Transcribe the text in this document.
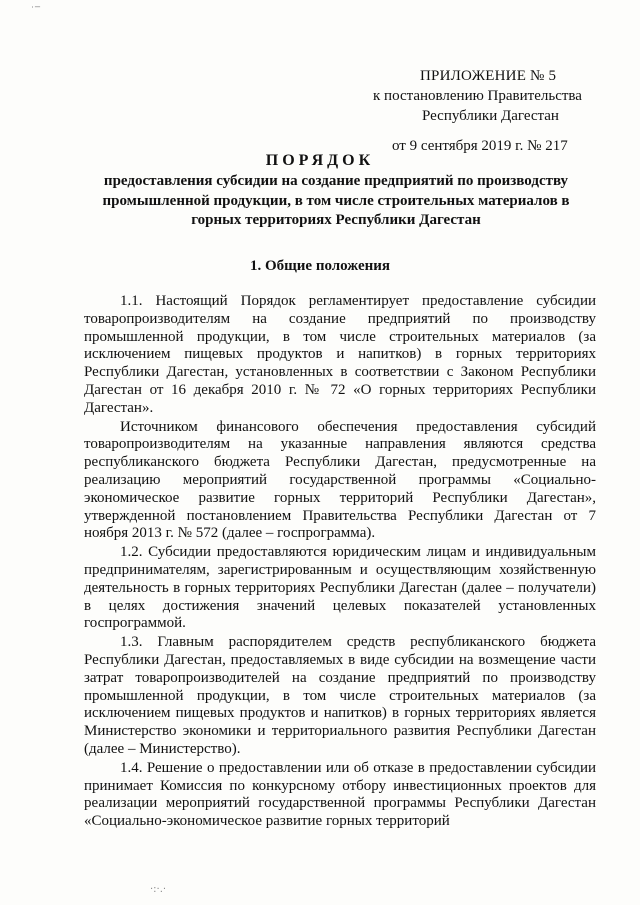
˙‾
ПРИЛОЖЕНИЕ № 5
к постановлению Правительства
Республики Дагестан
от 9 сентября 2019 г. № 217
ПОРЯДОК
предоставления субсидии на создание предприятий по производству промышленной продукции, в том числе строительных материалов в горных территориях Республики Дагестан
1. Общие положения

1.1. Настоящий Порядок регламентирует предоставление субсидии товаропроизводителям на создание предприятий по производству промышленной продукции, в том числе строительных материалов (за исключением пищевых продуктов и напитков) в горных территориях Республики Дагестан, установленных в соответствии с Законом Республики Дагестан от 16 декабря 2010 г. № 72 «О горных территориях Республики Дагестан».

Источником финансового обеспечения предоставления субсидий товаропроизводителям на указанные направления являются средства республиканского бюджета Республики Дагестан, предусмотренные на реализацию мероприятий государственной программы «Социально-экономическое развитие горных территорий Республики Дагестан», утвержденной постановлением Правительства Республики Дагестан от 7 ноября 2013 г. № 572 (далее – госпрограмма).

1.2. Субсидии предоставляются юридическим лицам и индивидуальным предпринимателям, зарегистрированным и осуществляющим хозяйственную деятельность в горных территориях Республики Дагестан (далее – получатели) в целях достижения значений целевых показателей установленных госпрограммой.

1.3. Главным распорядителем средств республиканского бюджета Республики Дагестан, предоставляемых в виде субсидии на возмещение части затрат товаропроизводителей на создание предприятий по производству промышленной продукции, в том числе строительных материалов (за исключением пищевых продуктов и напитков) в горных территориях является Министерство экономики и территориального развития Республики Дагестан (далее – Министерство).

1.4. Решение о предоставлении или об отказе в предоставлении субсидии принимает Комиссия по конкурсному отбору инвестиционных проектов для реализации мероприятий государственной программы Республики Дагестан «Социально-экономическое развитие горных территорий

·:·.·
